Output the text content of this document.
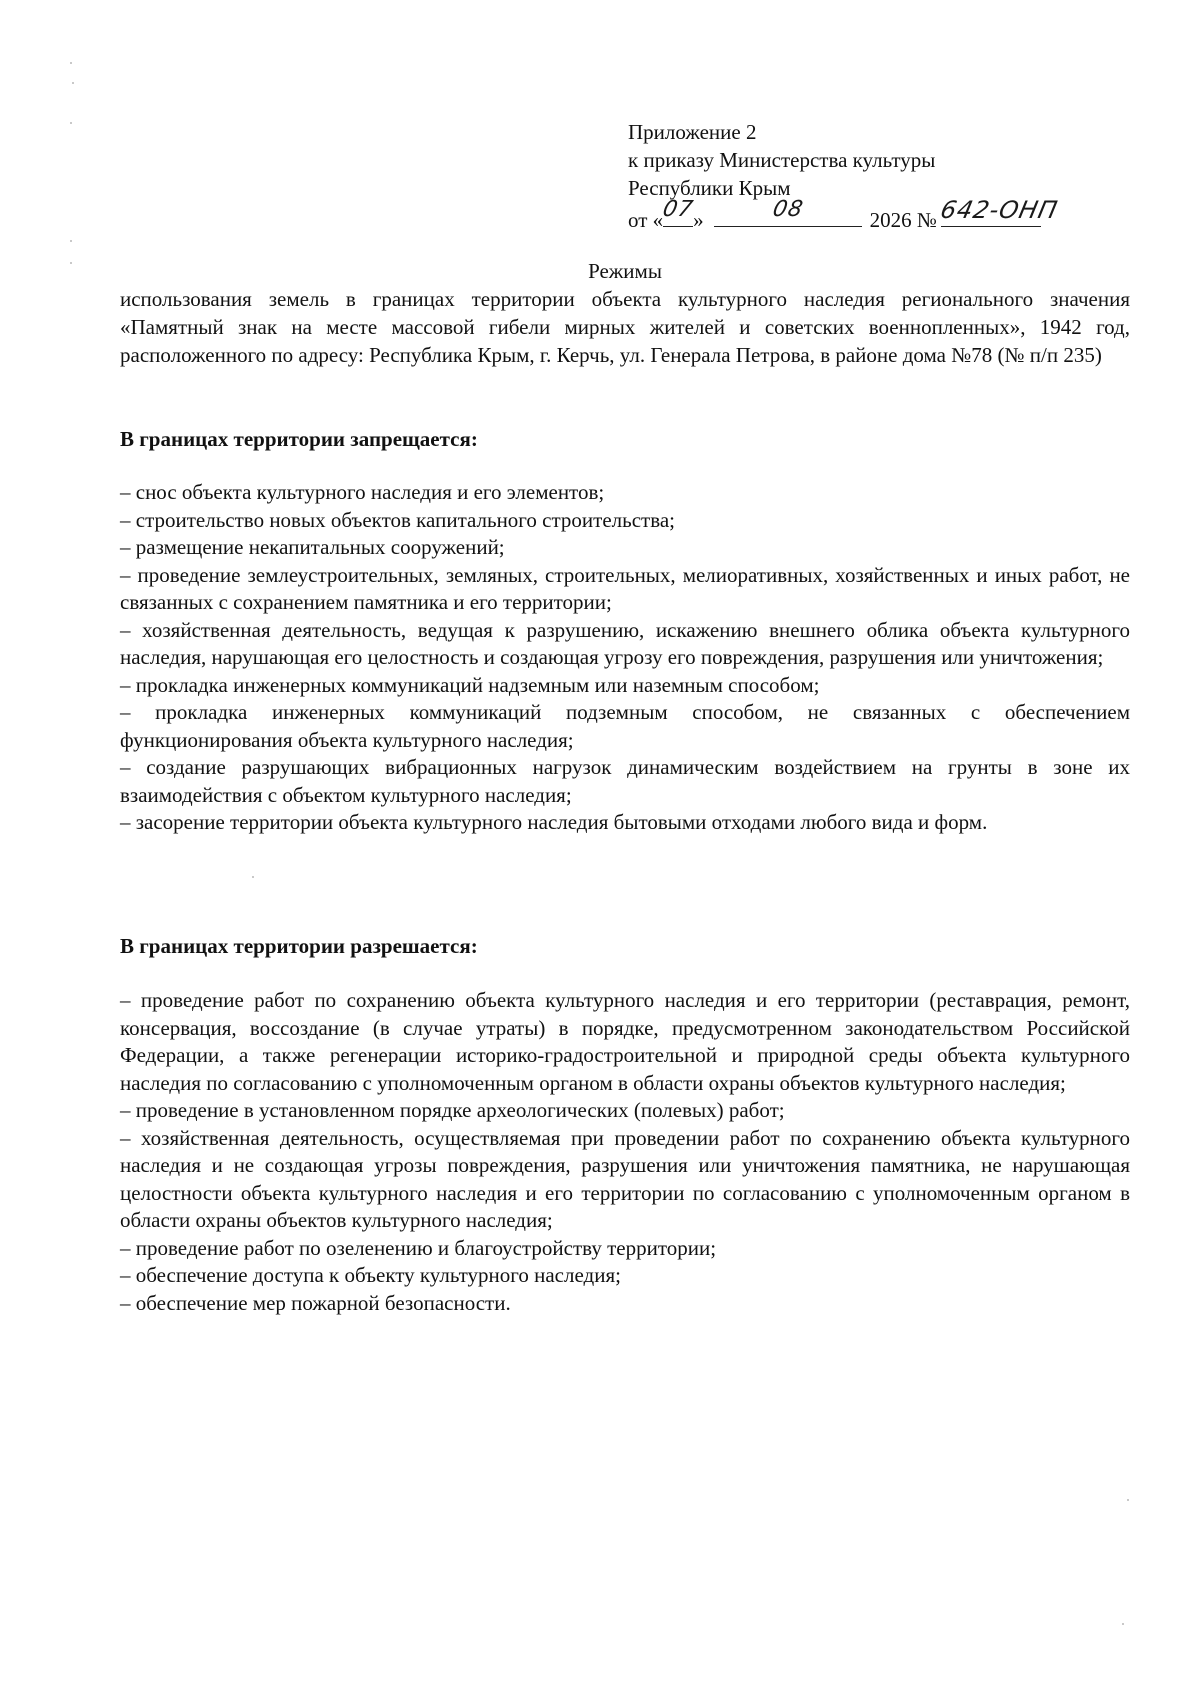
Приложение 2
к приказу Министерства культуры
Республики Крым
от «
07
»	08	2026 № 642-ОНП
Режимы
использования земель в границах территории объекта культурного наследия регионального значения «Памятный знак на месте массовой гибели мирных жителей и советских военнопленных», 1942 год, расположенного по адресу: Республика Крым, г. Керчь, ул. Генерала Петрова, в районе дома №78 (№ п/п 235)
В границах территории запрещается:
– снос объекта культурного наследия и его элементов;
– строительство новых объектов капитального строительства;
– размещение некапитальных сооружений;
– проведение землеустроительных, земляных, строительных, мелиоративных, хозяйственных и иных работ, не связанных с сохранением памятника и его территории;
– хозяйственная деятельность, ведущая к разрушению, искажению внешнего облика объекта культурного наследия, нарушающая его целостность и создающая угрозу его повреждения, разрушения или уничтожения;
– прокладка инженерных коммуникаций надземным или наземным способом;
– прокладка инженерных коммуникаций подземным способом, не связанных с обеспечением функционирования объекта культурного наследия;
– создание разрушающих вибрационных нагрузок динамическим воздействием на грунты в зоне их взаимодействия с объектом культурного наследия;
– засорение территории объекта культурного наследия бытовыми отходами любого вида и форм.
В границах территории разрешается:
– проведение работ по сохранению объекта культурного наследия и его территории (реставрация, ремонт, консервация, воссоздание (в случае утраты) в порядке, предусмотренном законодательством Российской Федерации, а также регенерации историко-градостроительной и природной среды объекта культурного наследия по согласованию с уполномоченным органом в области охраны объектов культурного наследия;
– проведение в установленном порядке археологических (полевых) работ;
– хозяйственная деятельность, осуществляемая при проведении работ по сохранению объекта культурного наследия и не создающая угрозы повреждения, разрушения или уничтожения памятника, не нарушающая целостности объекта культурного наследия и его территории по согласованию с уполномоченным органом в области охраны объектов культурного наследия;
– проведение работ по озеленению и благоустройству территории;
– обеспечение доступа к объекту культурного наследия;
– обеспечение мер пожарной безопасности.
